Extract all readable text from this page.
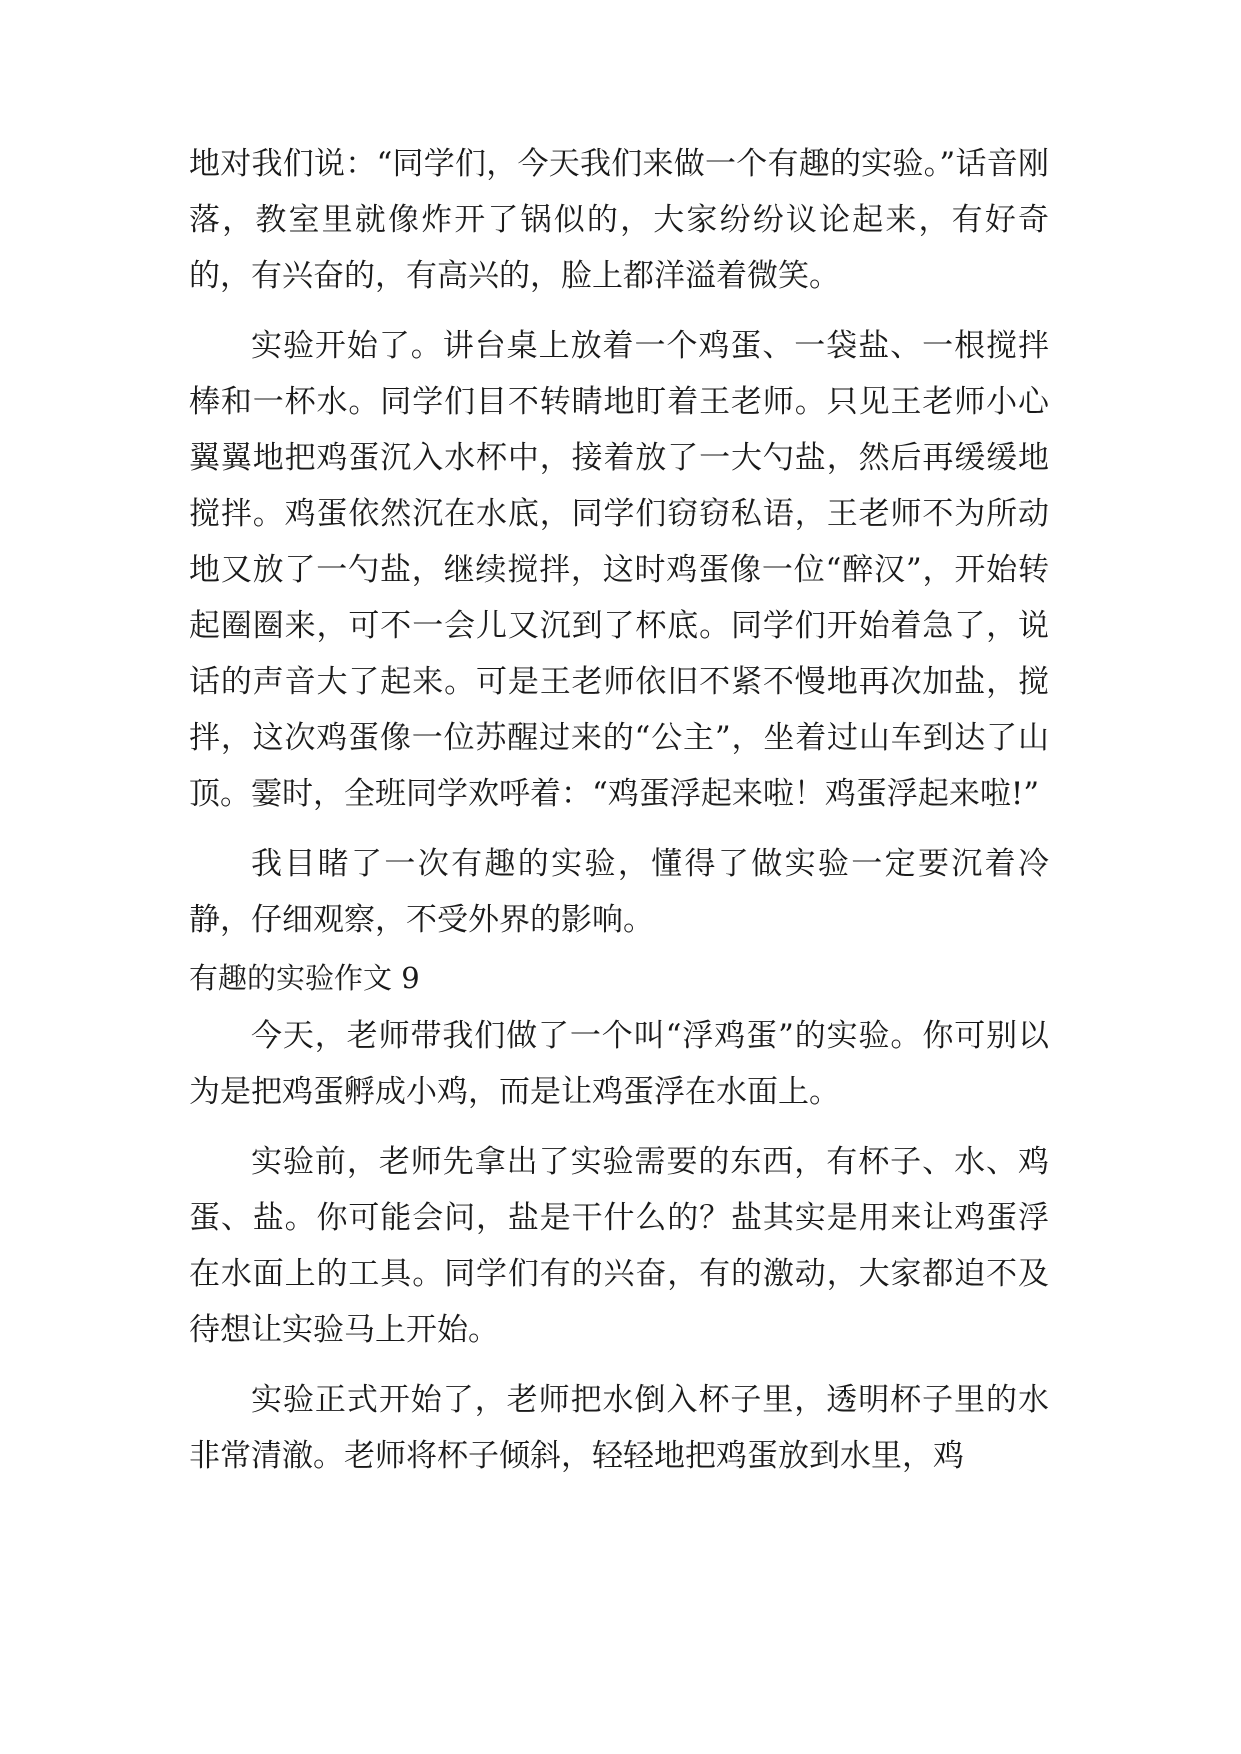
地对我们说：“同学们，今天我们来做一个有趣的实验。”话音刚落，教室里就像炸开了锅似的，大家纷纷议论起来，有好奇的，有兴奋的，有高兴的，脸上都洋溢着微笑。

实验开始了。讲台桌上放着一个鸡蛋、一袋盐、一根搅拌棒和一杯水。同学们目不转睛地盯着王老师。只见王老师小心翼翼地把鸡蛋沉入水杯中，接着放了一大勺盐，然后再缓缓地搅拌。鸡蛋依然沉在水底，同学们窃窃私语，王老师不为所动地又放了一勺盐，继续搅拌，这时鸡蛋像一位“醉汉”，开始转起圈圈来，可不一会儿又沉到了杯底。同学们开始着急了，说话的声音大了起来。可是王老师依旧不紧不慢地再次加盐，搅拌，这次鸡蛋像一位苏醒过来的“公主”，坐着过山车到达了山顶。霎时，全班同学欢呼着：“鸡蛋浮起来啦！鸡蛋浮起来啦!”

我目睹了一次有趣的实验，懂得了做实验一定要沉着冷静，仔细观察，不受外界的影响。

有趣的实验作文 9

今天，老师带我们做了一个叫“浮鸡蛋”的实验。你可别以为是把鸡蛋孵成小鸡，而是让鸡蛋浮在水面上。

实验前，老师先拿出了实验需要的东西，有杯子、水、鸡蛋、盐。你可能会问，盐是干什么的？盐其实是用来让鸡蛋浮在水面上的工具。同学们有的兴奋，有的激动，大家都迫不及待想让实验马上开始。

实验正式开始了，老师把水倒入杯子里，透明杯子里的水非常清澈。老师将杯子倾斜，轻轻地把鸡蛋放到水里，鸡
